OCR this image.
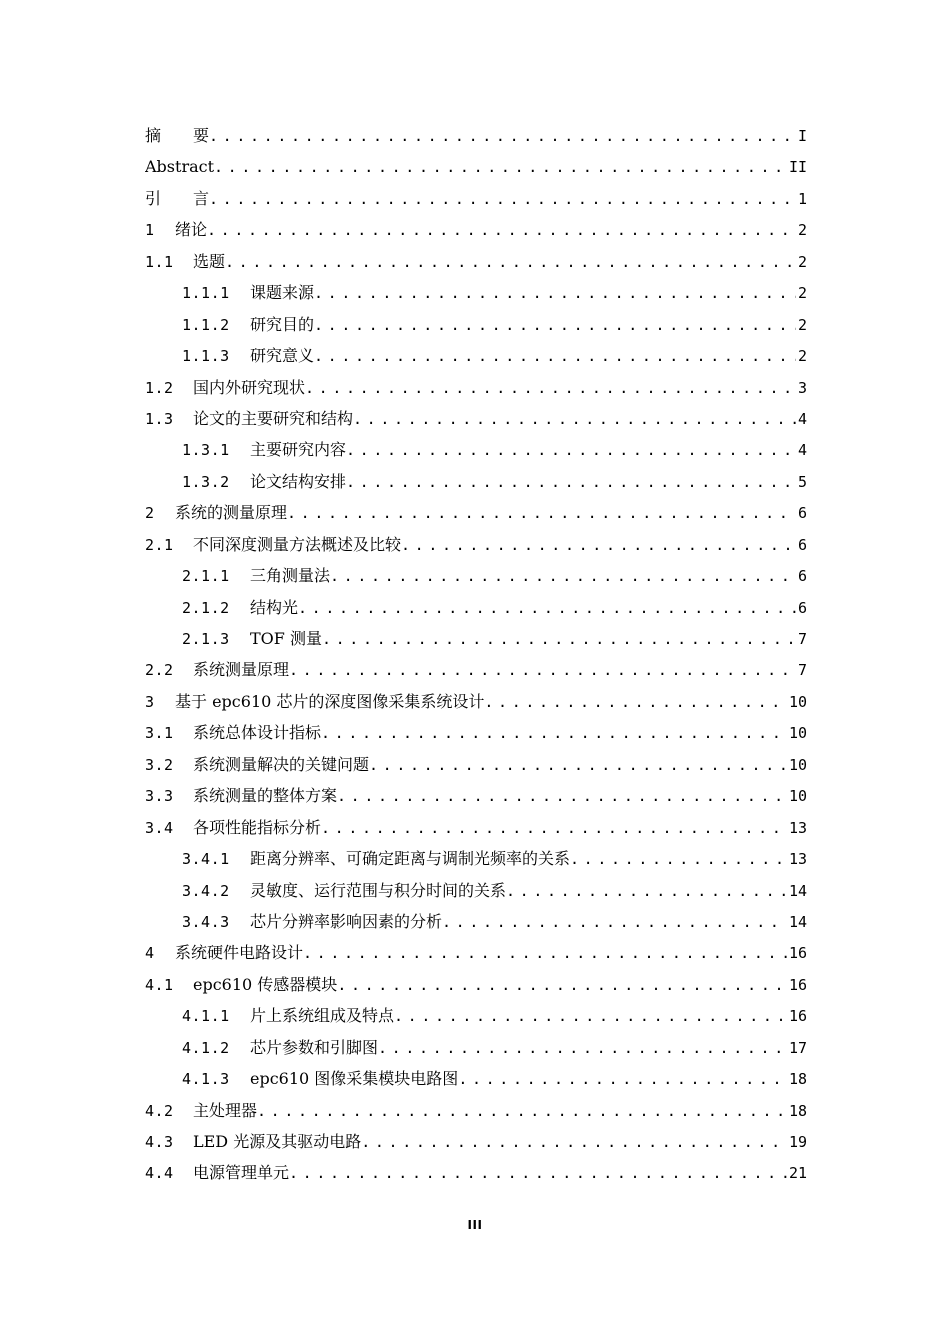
摘　　要 . . .	I
Abstract . . .	II
引　　言 . . .	1
1	绪论 . . .	2
1.1	选题 . . .	2
1.1.1	课题来源 . . .	2
1.1.2	研究目的 . . .	2
1.1.3	研究意义 . . .	2
1.2	国内外研究现状 . . .	3
1.3	论文的主要研究和结构 . . .	4
1.3.1	主要研究内容 . . .	4
1.3.2	论文结构安排 . . .	5
2	系统的测量原理 . . .	6
2.1	不同深度测量方法概述及比较 . . .	6
2.1.1	三角测量法 . . .	6
2.1.2	结构光 . . .	6
2.1.3	TOF 测量 . . .	7
2.2	系统测量原理 . . .	7
3	基于 epc610 芯片的深度图像采集系统设计 . . .	10
3.1	系统总体设计指标 . . .	10
3.2	系统测量解决的关键问题 . . .	10
3.3	系统测量的整体方案 . . .	10
3.4	各项性能指标分析 . . .	13
3.4.1	距离分辨率、可确定距离与调制光频率的关系 . . .	13
3.4.2	灵敏度、运行范围与积分时间的关系 . . .	14
3.4.3	芯片分辨率影响因素的分析 . . .	14
4	系统硬件电路设计 . . .	16
4.1	epc610 传感器模块 . . .	16
4.1.1	片上系统组成及特点 . . .	16
4.1.2	芯片参数和引脚图 . . .	17
4.1.3	epc610 图像采集模块电路图 . . .	18
4.2	主处理器 . . .	18
4.3	LED 光源及其驱动电路 . . .	19
4.4	电源管理单元 . . .	21
III
